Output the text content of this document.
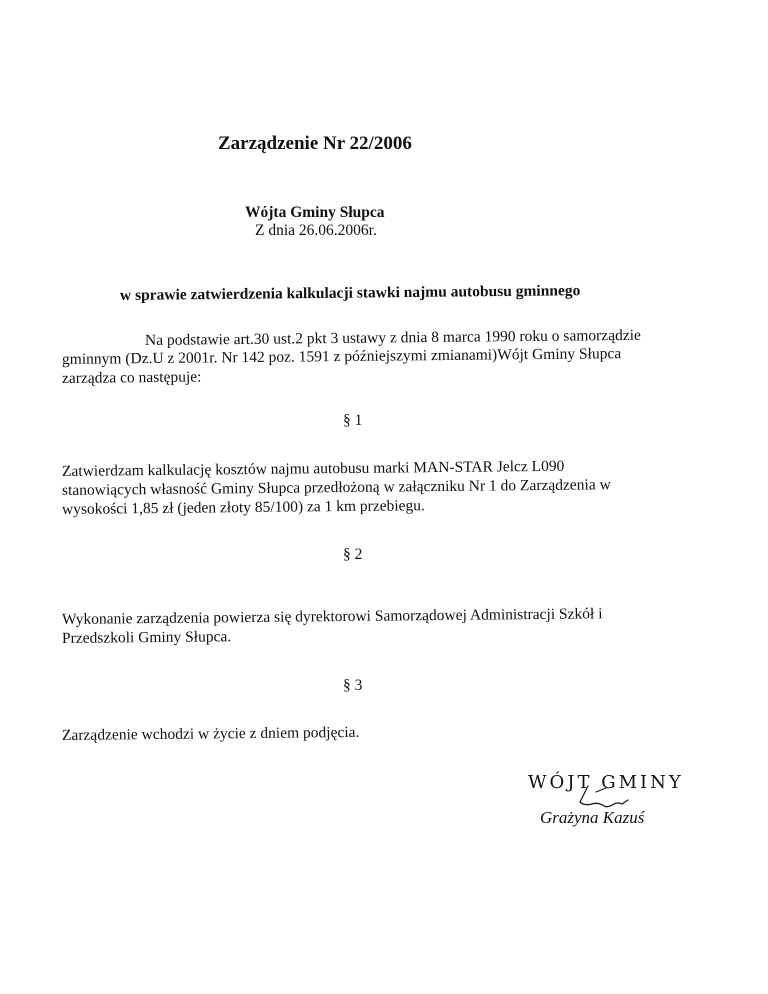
Zarządzenie Nr 22/2006
Wójta Gminy Słupca
Z dnia 26.06.2006r.
w sprawie zatwierdzenia kalkulacji stawki najmu autobusu gminnego
Na podstawie art.30 ust.2 pkt 3 ustawy z dnia 8 marca 1990 roku o samorządzie
gminnym (Dz.U z 2001r. Nr 142 poz. 1591 z późniejszymi zmianami)Wójt Gminy Słupca
zarządza co następuje:
§ 1
Zatwierdzam kalkulację kosztów najmu autobusu marki MAN-STAR Jelcz L090
stanowiących własność Gminy Słupca przedłożoną w załączniku Nr 1 do Zarządzenia w
wysokości 1,85 zł (jeden złoty 85/100) za 1 km przebiegu.
§ 2
Wykonanie zarządzenia powierza się dyrektorowi Samorządowej Administracji Szkół i
Przedszkoli Gminy Słupca.
§ 3
Zarządzenie wchodzi w życie z dniem podjęcia.
WÓJT GMINY
Grażyna Kazuś
